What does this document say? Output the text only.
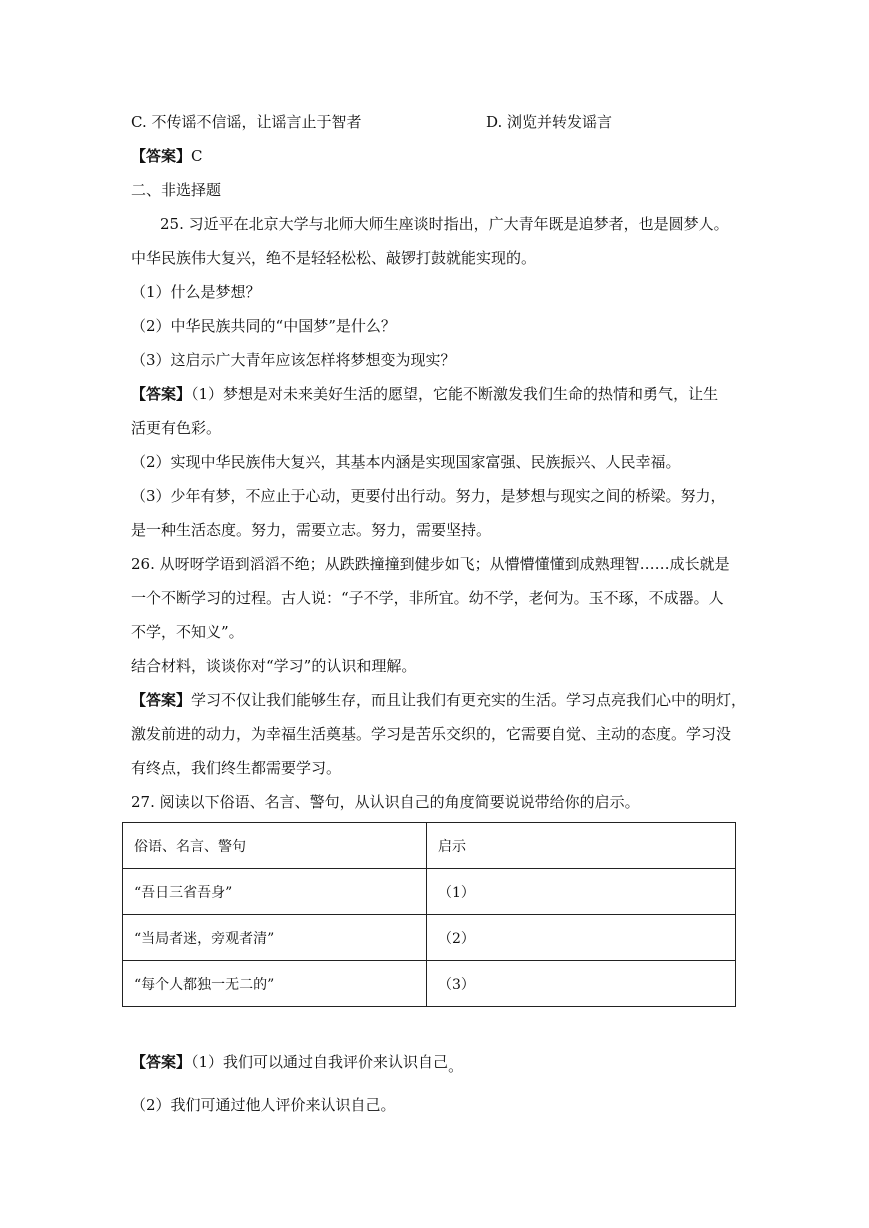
C. 不传谣不信谣，让谣言止于智者	D. 浏览并转发谣言
【答案】C
二、非选择题
25. 习近平在北京大学与北师大师生座谈时指出，广大青年既是追梦者，也是圆梦人。
中华民族伟大复兴，绝不是轻轻松松、敲锣打鼓就能实现的。
（1）什么是梦想？
（2）中华民族共同的“中国梦”是什么？
（3）这启示广大青年应该怎样将梦想变为现实？
【答案】（1）梦想是对未来美好生活的愿望，它能不断激发我们生命的热情和勇气，让生
活更有色彩。
（2）实现中华民族伟大复兴，其基本内涵是实现国家富强、民族振兴、人民幸福。
（3）少年有梦，不应止于心动，更要付出行动。努力，是梦想与现实之间的桥梁。努力，
是一种生活态度。努力，需要立志。努力，需要坚持。
26. 从呀呀学语到滔滔不绝；从跌跌撞撞到健步如飞；从懵懵懂懂到成熟理智……成长就是
一个不断学习的过程。古人说：“子不学，非所宜。幼不学，老何为。玉不琢，不成器。人
不学，不知义”。
结合材料，谈谈你对“学习”的认识和理解。
【答案】学习不仅让我们能够生存，而且让我们有更充实的生活。学习点亮我们心中的明灯，
激发前进的动力，为幸福生活奠基。学习是苦乐交织的，它需要自觉、主动的态度。学习没
有终点，我们终生都需要学习。
27. 阅读以下俗语、名言、警句，从认识自己的角度简要说说带给你的启示。
俗语、名言、警句	启示
“吾日三省吾身”	（1）
“当局者迷，旁观者清”	（2）
“每个人都独一无二的”	（3）
【答案】（1）我们可以通过自我评价来认识自己。
（2）我们可通过他人评价来认识自己。
